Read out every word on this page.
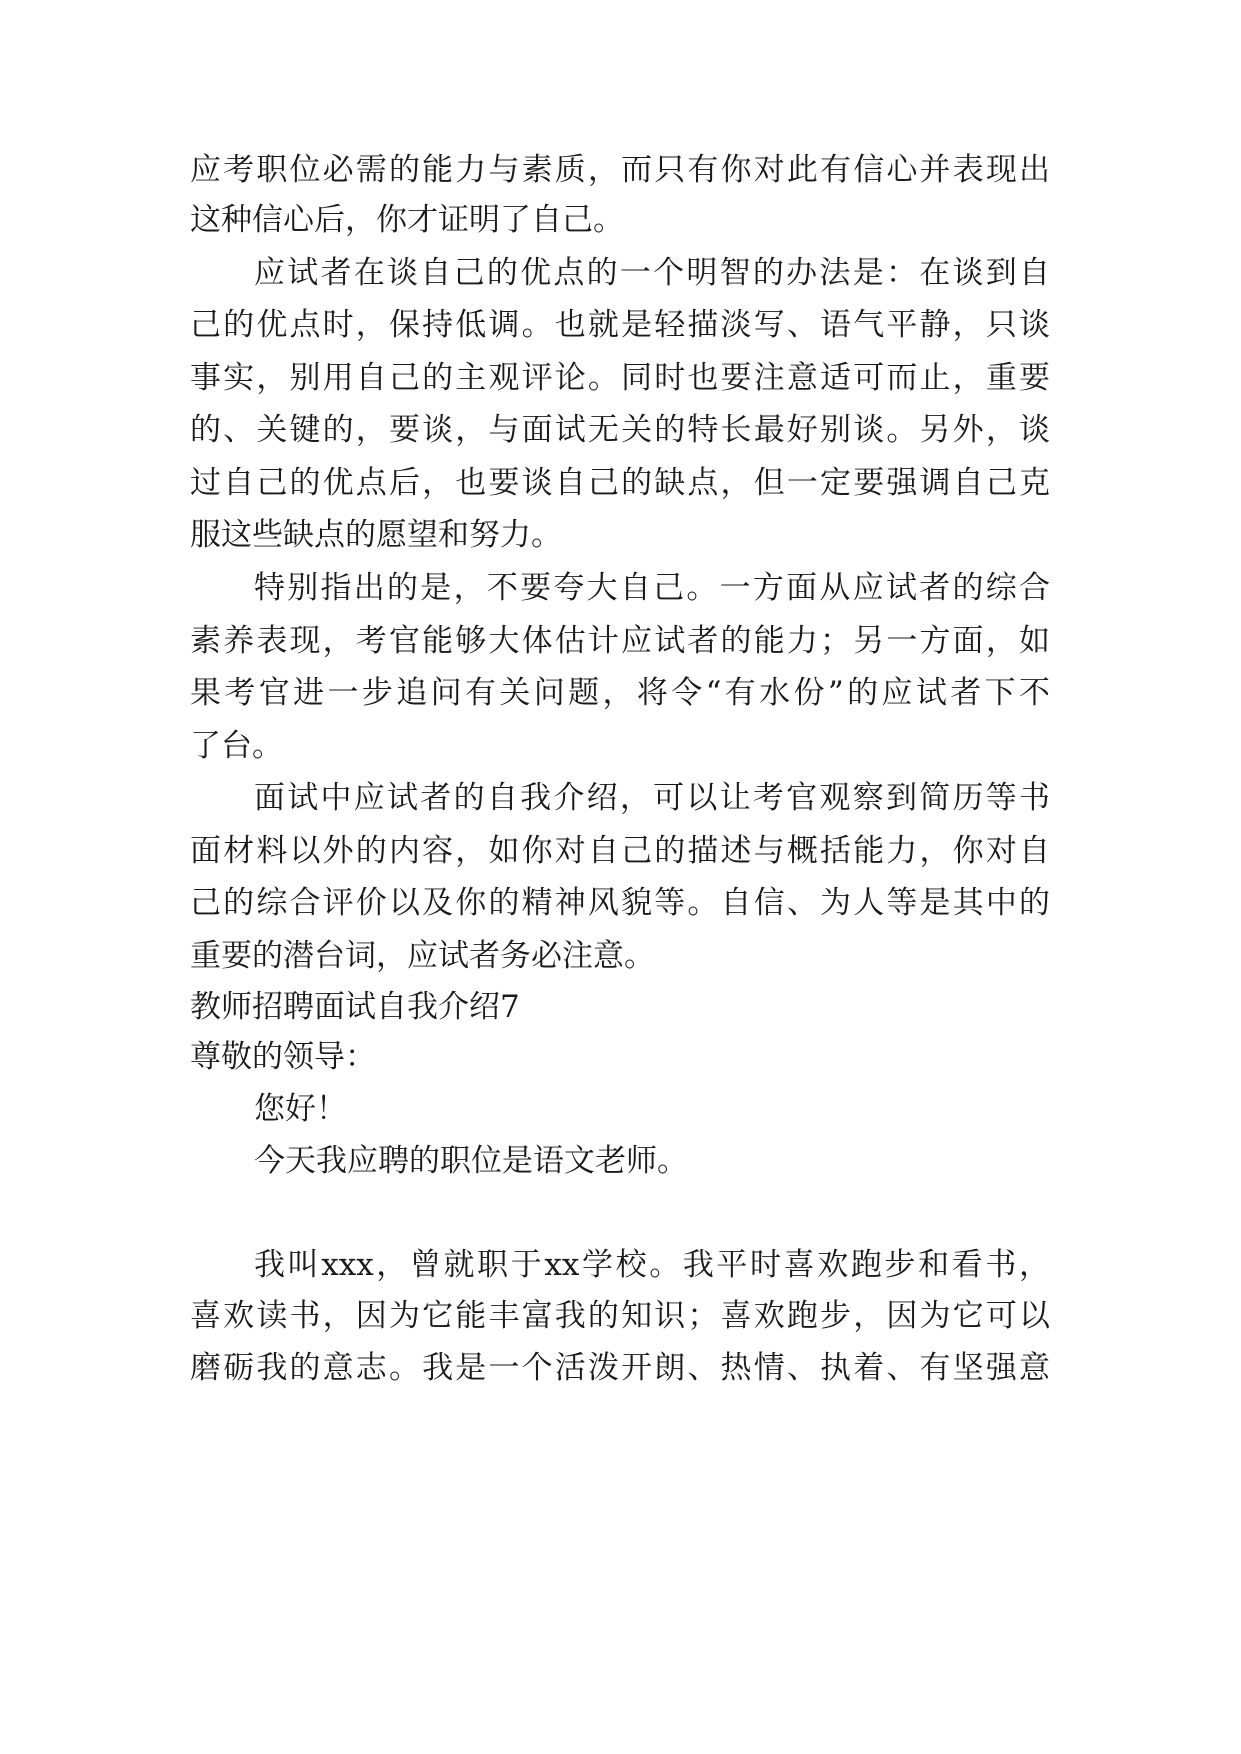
应考职位必需的能力与素质，而只有你对此有信心并表现出
这种信心后，你才证明了自己。
应试者在谈自己的优点的一个明智的办法是：在谈到自
己的优点时，保持低调。也就是轻描淡写、语气平静，只谈
事实，别用自己的主观评论。同时也要注意适可而止，重要
的、关键的，要谈，与面试无关的特长最好别谈。另外，谈
过自己的优点后，也要谈自己的缺点，但一定要强调自己克
服这些缺点的愿望和努力。
特别指出的是，不要夸大自己。一方面从应试者的综合
素养表现，考官能够大体估计应试者的能力；另一方面，如
果考官进一步追问有关问题，将令“有水份”的应试者下不
了台。
面试中应试者的自我介绍，可以让考官观察到简历等书
面材料以外的内容，如你对自己的描述与概括能力，你对自
己的综合评价以及你的精神风貌等。自信、为人等是其中的
重要的潜台词，应试者务必注意。
教师招聘面试自我介绍7
尊敬的领导：
您好！
今天我应聘的职位是语文老师。
我叫xxx，曾就职于xx学校。我平时喜欢跑步和看书，
喜欢读书，因为它能丰富我的知识；喜欢跑步，因为它可以
磨砺我的意志。我是一个活泼开朗、热情、执着、有坚强意
